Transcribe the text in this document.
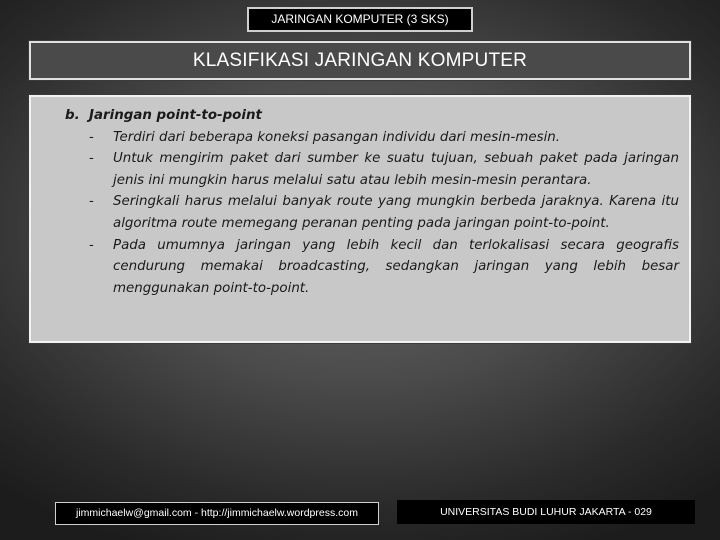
JARINGAN KOMPUTER (3 SKS)
KLASIFIKASI JARINGAN KOMPUTER
b. Jaringan point-to-point
- Terdiri dari beberapa koneksi pasangan individu dari mesin-mesin.
- Untuk mengirim paket dari sumber ke suatu tujuan, sebuah paket pada jaringan jenis ini mungkin harus melalui satu atau lebih mesin-mesin perantara.
- Seringkali harus melalui banyak route yang mungkin berbeda jaraknya. Karena itu algoritma route memegang peranan penting pada jaringan point-to-point.
- Pada umumnya jaringan yang lebih kecil dan terlokalisasi secara geografis cendurung memakai broadcasting, sedangkan jaringan yang lebih besar menggunakan point-to-point.
jimmichaelw@gmail.com - http://jimmichaelw.wordpress.com	UNIVERSITAS BUDI LUHUR JAKARTA - 029
